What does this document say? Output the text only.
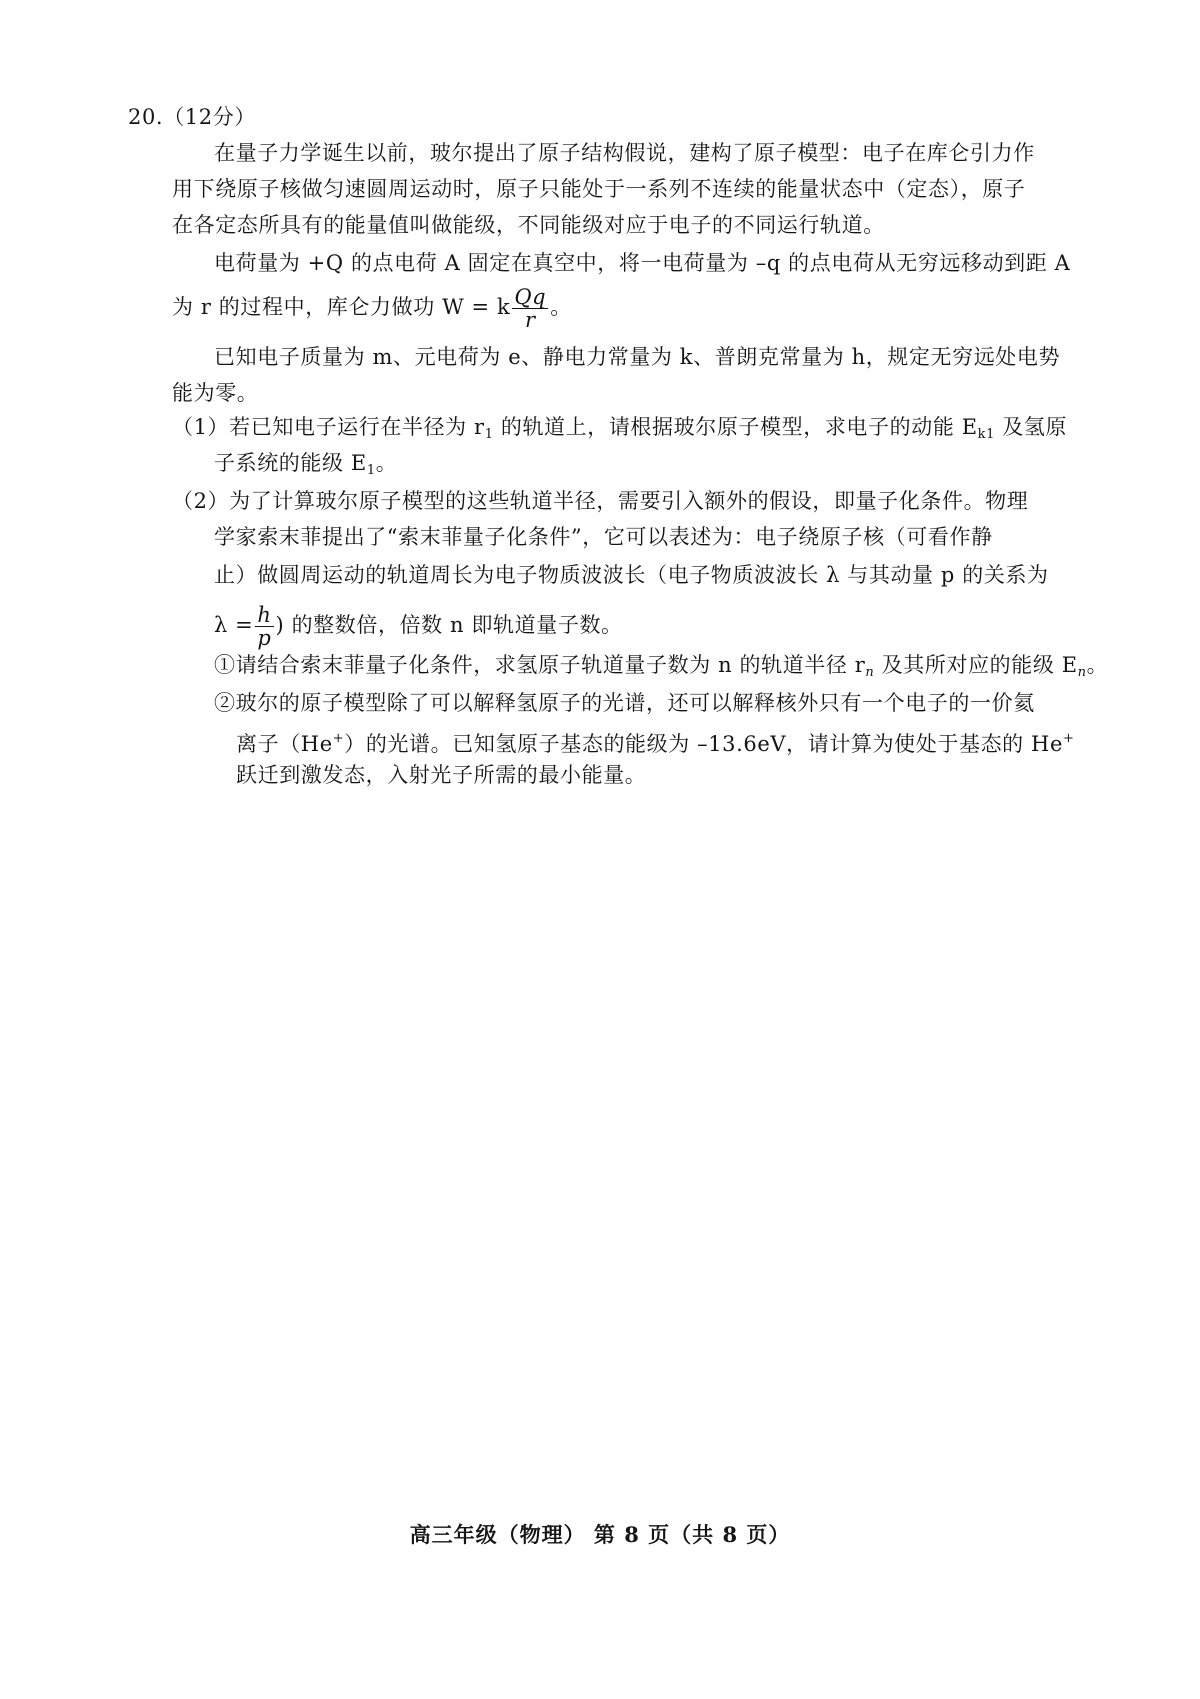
20.（12分）
在量子力学诞生以前，玻尔提出了原子结构假说，建构了原子模型：电子在库仑引力作
用下绕原子核做匀速圆周运动时，原子只能处于一系列不连续的能量状态中（定态），原子
在各定态所具有的能量值叫做能级，不同能级对应于电子的不同运行轨道。
电荷量为 +Q 的点电荷 A 固定在真空中，将一电荷量为 –q 的点电荷从无穷远移动到距 A
为 r 的过程中，库仑力做功 W = k $\frac{Qq}{r}$ 。
已知电子质量为 m、元电荷为 e、静电力常量为 k、普朗克常量为 h，规定无穷远处电势
能为零。
（1）若已知电子运行在半径为 r1 的轨道上，请根据玻尔原子模型，求电子的动能 Ek1 及氢原
子系统的能级 E1。
（2）为了计算玻尔原子模型的这些轨道半径，需要引入额外的假设，即量子化条件。物理
学家索末菲提出了“索末菲量子化条件”，它可以表述为：电子绕原子核（可看作静
止）做圆周运动的轨道周长为电子物质波波长（电子物质波波长 λ 与其动量 p 的关系为
$\lambda = \frac{h}{p}$ ) 的整数倍，倍数 n 即轨道量子数。
①请结合索末菲量子化条件，求氢原子轨道量子数为 n 的轨道半径 $r_n$ 及其所对应的能级 $E_n$。
②玻尔的原子模型除了可以解释氢原子的光谱，还可以解释核外只有一个电子的一价氦
离子（He+）的光谱。已知氢原子基态的能级为 –13.6eV，请计算为使处于基态的 He+
跃迁到激发态，入射光子所需的最小能量。
高三年级（物理） 第 8 页（共 8 页）
